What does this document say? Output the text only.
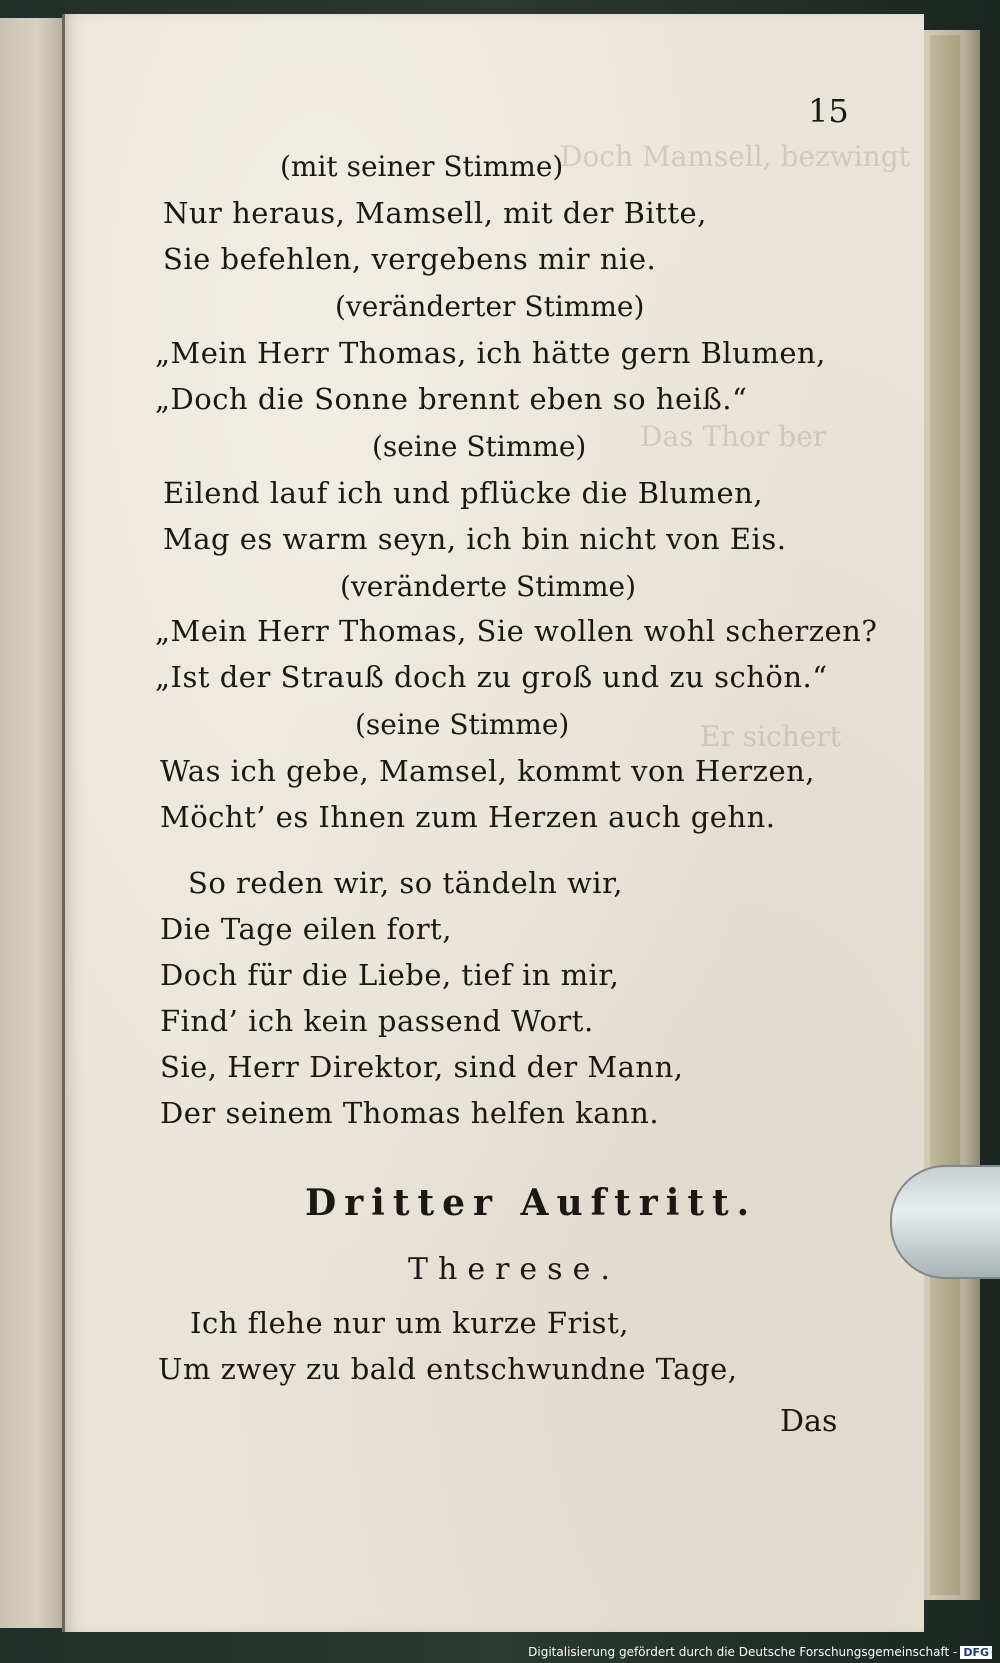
Doch Mamsell, bezwingt
Das Thor ber
Er sichert
15
(mit seiner Stimme)
Nur heraus, Mamsell, mit der Bitte,
Sie befehlen, vergebens mir nie.
(veränderter Stimme)
„Mein Herr Thomas, ich hätte gern Blumen,
„Doch die Sonne brennt eben so heiß.“
(seine Stimme)
Eilend lauf ich und pflücke die Blumen,
Mag es warm seyn, ich bin nicht von Eis.
(veränderte Stimme)
„Mein Herr Thomas, Sie wollen wohl scherzen?
„Ist der Strauß doch zu groß und zu schön.“
(seine Stimme)
Was ich gebe, Mamsel, kommt von Herzen,
Möcht’ es Ihnen zum Herzen auch gehn.
So reden wir, so tändeln wir,
Die Tage eilen fort,
Doch für die Liebe, tief in mir,
Find’ ich kein passend Wort.
Sie, Herr Direktor, sind der Mann,
Der seinem Thomas helfen kann.
Dritter Auftritt.
Therese.
Ich flehe nur um kurze Frist,
Um zwey zu bald entschwundne Tage,
Das
Digitalisierung gefördert durch die Deutsche Forschungsgemeinschaft - DFG
